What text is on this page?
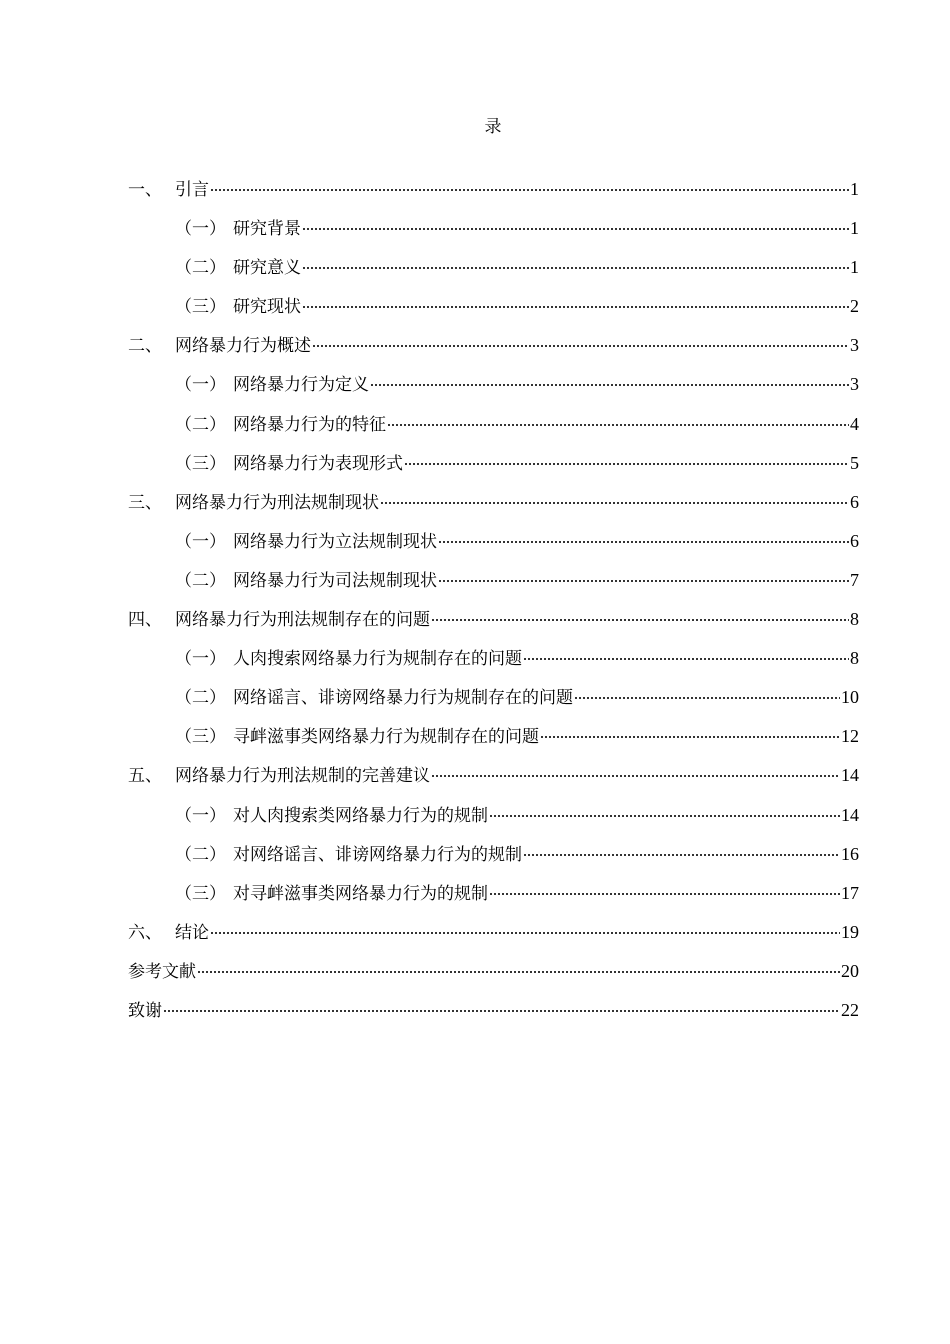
录
一、 引言	1
（一） 研究背景	1
（二） 研究意义	1
（三） 研究现状	2
二、 网络暴力行为概述	3
（一） 网络暴力行为定义	3
（二） 网络暴力行为的特征	4
（三） 网络暴力行为表现形式	5
三、 网络暴力行为刑法规制现状	6
（一） 网络暴力行为立法规制现状	6
（二） 网络暴力行为司法规制现状	7
四、 网络暴力行为刑法规制存在的问题	8
（一） 人肉搜索网络暴力行为规制存在的问题	8
（二） 网络谣言、诽谤网络暴力行为规制存在的问题	10
（三） 寻衅滋事类网络暴力行为规制存在的问题	12
五、 网络暴力行为刑法规制的完善建议	14
（一） 对人肉搜索类网络暴力行为的规制	14
（二） 对网络谣言、诽谤网络暴力行为的规制	16
（三） 对寻衅滋事类网络暴力行为的规制	17
六、 结论	19
参考文献	20
致谢	22
